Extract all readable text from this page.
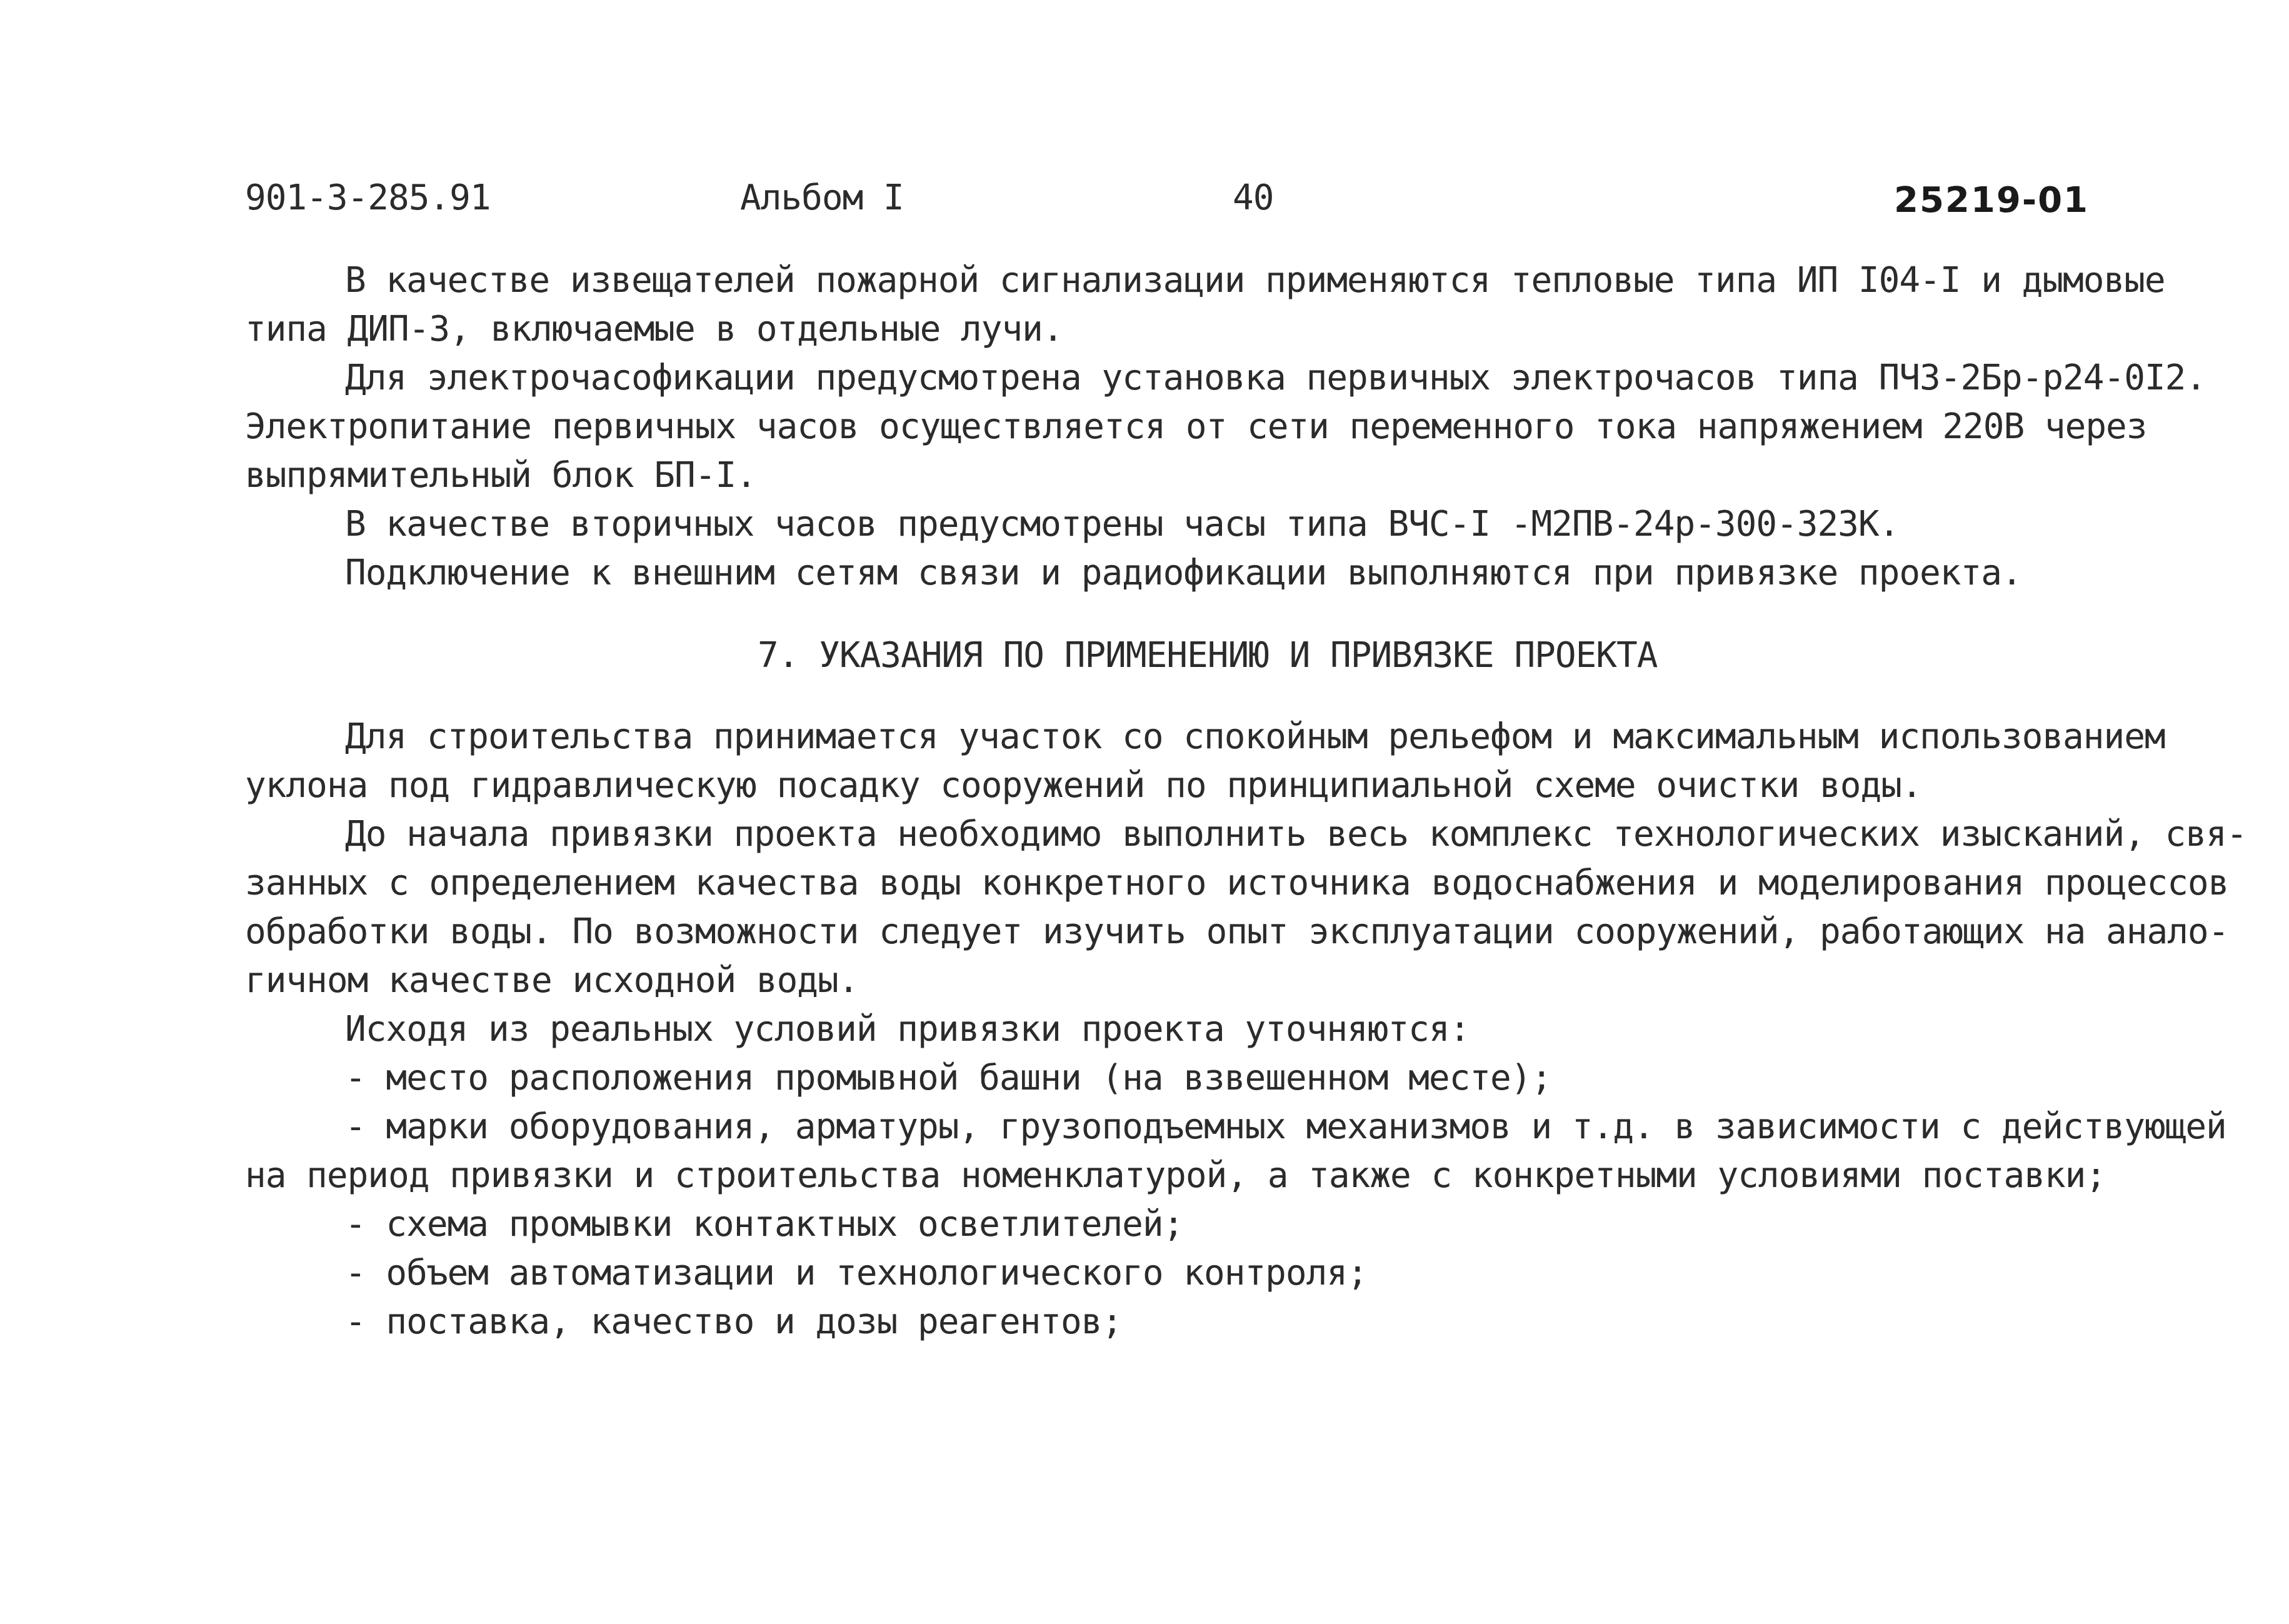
901-3-285.91	Альбом I	40	25219-01
В качестве извещателей пожарной сигнализации применяются тепловые типа ИП I04-I и дымовые
типа ДИП-3, включаемые в отдельные лучи.
Для электрочасофикации предусмотрена установка первичных электрочасов типа ПЧЗ-2Бр-р24-0I2.
Электропитание первичных часов осуществляется от сети переменного тока напряжением 220В через
выпрямительный блок БП-I.
В качестве вторичных часов предусмотрены часы типа ВЧС-I -М2ПВ-24р-300-323К.
Подключение к внешним сетям связи и радиофикации выполняются при привязке проекта.
7. УКАЗАНИЯ ПО ПРИМЕНЕНИЮ И ПРИВЯЗКЕ ПРОЕКТА
Для строительства принимается участок со спокойным рельефом и максимальным использованием
уклона под гидравлическую посадку сооружений по принципиальной схеме очистки воды.
До начала привязки проекта необходимо выполнить весь комплекс технологических изысканий, свя-
занных с определением качества воды конкретного источника водоснабжения и моделирования процессов
обработки воды. По возможности следует изучить опыт эксплуатации сооружений, работающих на анало-
гичном качестве исходной воды.
Исходя из реальных условий привязки проекта уточняются:
- место расположения промывной башни (на взвешенном месте);
- марки оборудования, арматуры, грузоподъемных механизмов и т.д. в зависимости с действующей
на период привязки и строительства номенклатурой, а также с конкретными условиями поставки;
- схема промывки контактных осветлителей;
- объем автоматизации и технологического контроля;
- поставка, качество и дозы реагентов;
